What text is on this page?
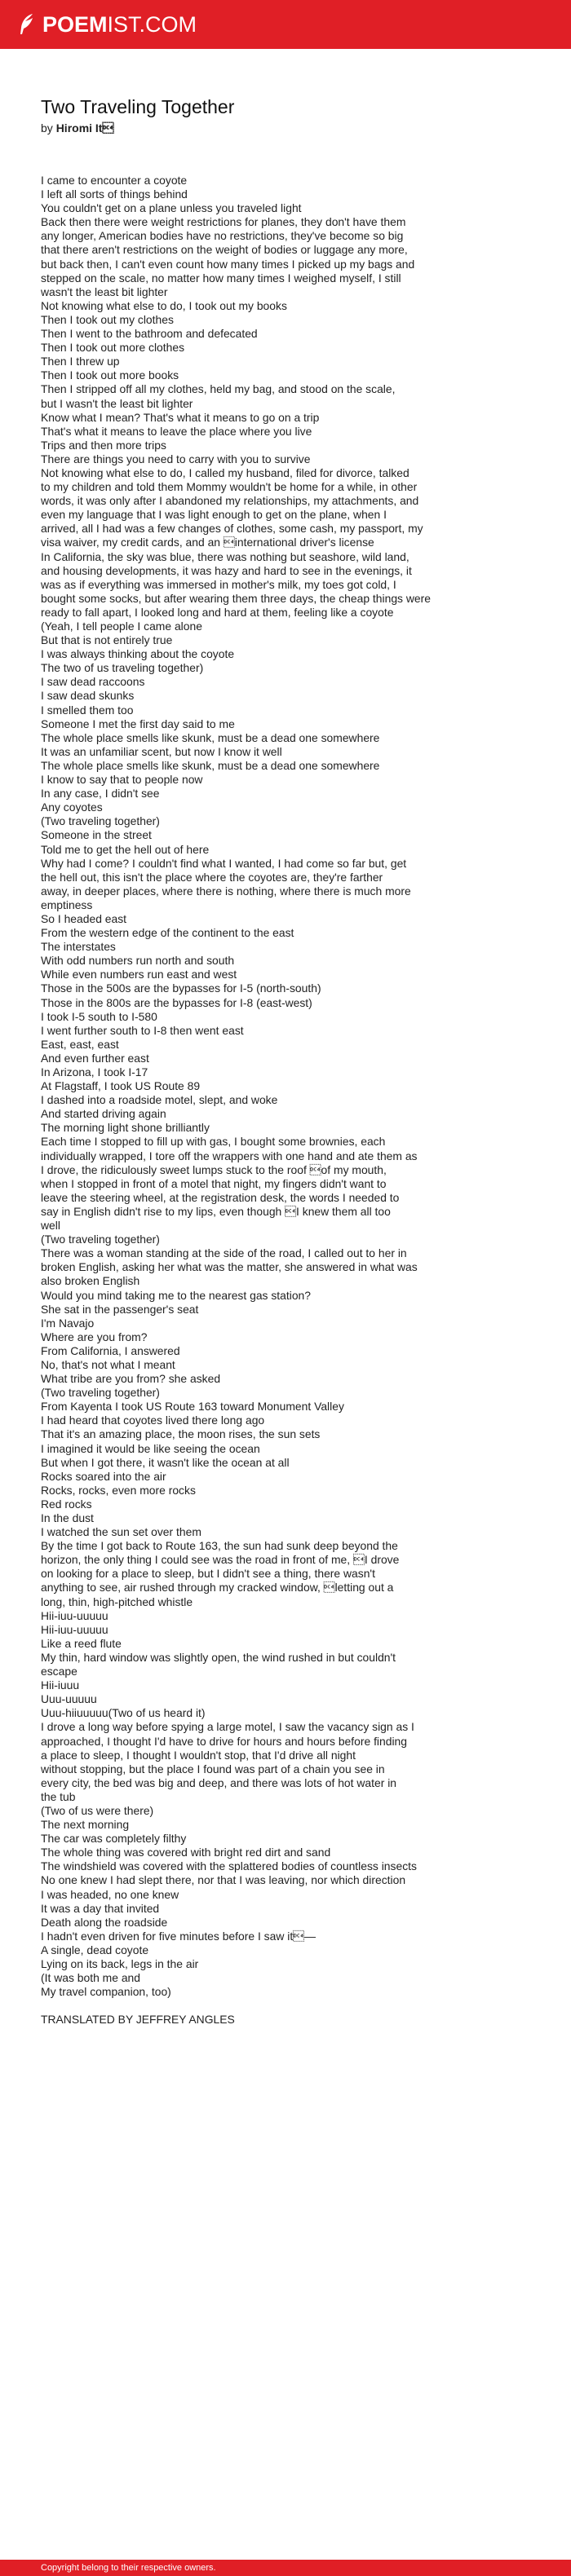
POEMIST.COM
Two Traveling Together
by Hiromi It
I came to encounter a coyote
I left all sorts of things behind
You couldn't get on a plane unless you traveled light
Back then there were weight restrictions for planes, they don't have them
any longer, American bodies have no restrictions, they've become so big
that there aren't restrictions on the weight of bodies or luggage any more,
but back then, I can't even count how many times I picked up my bags and
stepped on the scale, no matter how many times I weighed myself, I still
wasn't the least bit lighter
Not knowing what else to do, I took out my books
Then I took out my clothes
Then I went to the bathroom and defecated
Then I took out more clothes
Then I threw up
Then I took out more books
Then I stripped off all my clothes, held my bag, and stood on the scale,
but I wasn't the least bit lighter
Know what I mean? That's what it means to go on a trip
That's what it means to leave the place where you live
Trips and then more trips
There are things you need to carry with you to survive
Not knowing what else to do, I called my husband, filed for divorce, talked
to my children and told them Mommy wouldn't be home for a while, in other
words, it was only after I abandoned my relationships, my attachments, and
even my language that I was light enough to get on the plane, when I
arrived, all I had was a few changes of clothes, some cash, my passport, my
visa waiver, my credit cards, and an international driver's license
In California, the sky was blue, there was nothing but seashore, wild land,
and housing developments, it was hazy and hard to see in the evenings, it
was as if everything was immersed in mother's milk, my toes got cold, I
bought some socks, but after wearing them three days, the cheap things were
ready to fall apart, I looked long and hard at them, feeling like a coyote
(Yeah, I tell people I came alone
But that is not entirely true
I was always thinking about the coyote
The two of us traveling together)
I saw dead raccoons
I saw dead skunks
I smelled them too
Someone I met the first day said to me
The whole place smells like skunk, must be a dead one somewhere
It was an unfamiliar scent, but now I know it well
The whole place smells like skunk, must be a dead one somewhere
I know to say that to people now
In any case, I didn't see
Any coyotes
(Two traveling together)
Someone in the street
Told me to get the hell out of here
Why had I come? I couldn't find what I wanted, I had come so far but, get
the hell out, this isn't the place where the coyotes are, they're farther
away, in deeper places, where there is nothing, where there is much more
emptiness
So I headed east
From the western edge of the continent to the east
The interstates
With odd numbers run north and south
While even numbers run east and west
Those in the 500s are the bypasses for I-5 (north-south)
Those in the 800s are the bypasses for I-8 (east-west)
I took I-5 south to I-580
I went further south to I-8 then went east
East, east, east
And even further east
In Arizona, I took I-17
At Flagstaff, I took US Route 89
I dashed into a roadside motel, slept, and woke
And started driving again
The morning light shone brilliantly
Each time I stopped to fill up with gas, I bought some brownies, each
individually wrapped, I tore off the wrappers with one hand and ate them as
I drove, the ridiculously sweet lumps stuck to the roof of my mouth,
when I stopped in front of a motel that night, my fingers didn't want to
leave the steering wheel, at the registration desk, the words I needed to
say in English didn't rise to my lips, even though I knew them all too
well
(Two traveling together)
There was a woman standing at the side of the road, I called out to her in
broken English, asking her what was the matter, she answered in what was
also broken English
Would you mind taking me to the nearest gas station?
She sat in the passenger's seat
I'm Navajo
Where are you from?
From California, I answered
No, that's not what I meant
What tribe are you from? she asked
(Two traveling together)
From Kayenta I took US Route 163 toward Monument Valley
I had heard that coyotes lived there long ago
That it's an amazing place, the moon rises, the sun sets
I imagined it would be like seeing the ocean
But when I got there, it wasn't like the ocean at all
Rocks soared into the air
Rocks, rocks, even more rocks
Red rocks
In the dust
I watched the sun set over them
By the time I got back to Route 163, the sun had sunk deep beyond the
horizon, the only thing I could see was the road in front of me, I drove
on looking for a place to sleep, but I didn't see a thing, there wasn't
anything to see, air rushed through my cracked window, letting out a
long, thin, high-pitched whistle
Hii-iuu-uuuuu
Hii-iuu-uuuuu
Like a reed flute
My thin, hard window was slightly open, the wind rushed in but couldn't
escape
Hii-iuuu
Uuu-uuuuu
Uuu-hiiuuuuu(Two of us heard it)
I drove a long way before spying a large motel, I saw the vacancy sign as I
approached, I thought I'd have to drive for hours and hours before finding
a place to sleep, I thought I wouldn't stop, that I'd drive all night
without stopping, but the place I found was part of a chain you see in
every city, the bed was big and deep, and there was lots of hot water in
the tub
(Two of us were there)
The next morning
The car was completely filthy
The whole thing was covered with bright red dirt and sand
The windshield was covered with the splattered bodies of countless insects
No one knew I had slept there, nor that I was leaving, nor which direction
I was headed, no one knew
It was a day that invited
Death along the roadside
I hadn't even driven for five minutes before I saw it—
A single, dead coyote
Lying on its back, legs in the air
(It was both me and
My travel companion, too)
TRANSLATED BY JEFFREY ANGLES
Copyright belong to their respective owners.
